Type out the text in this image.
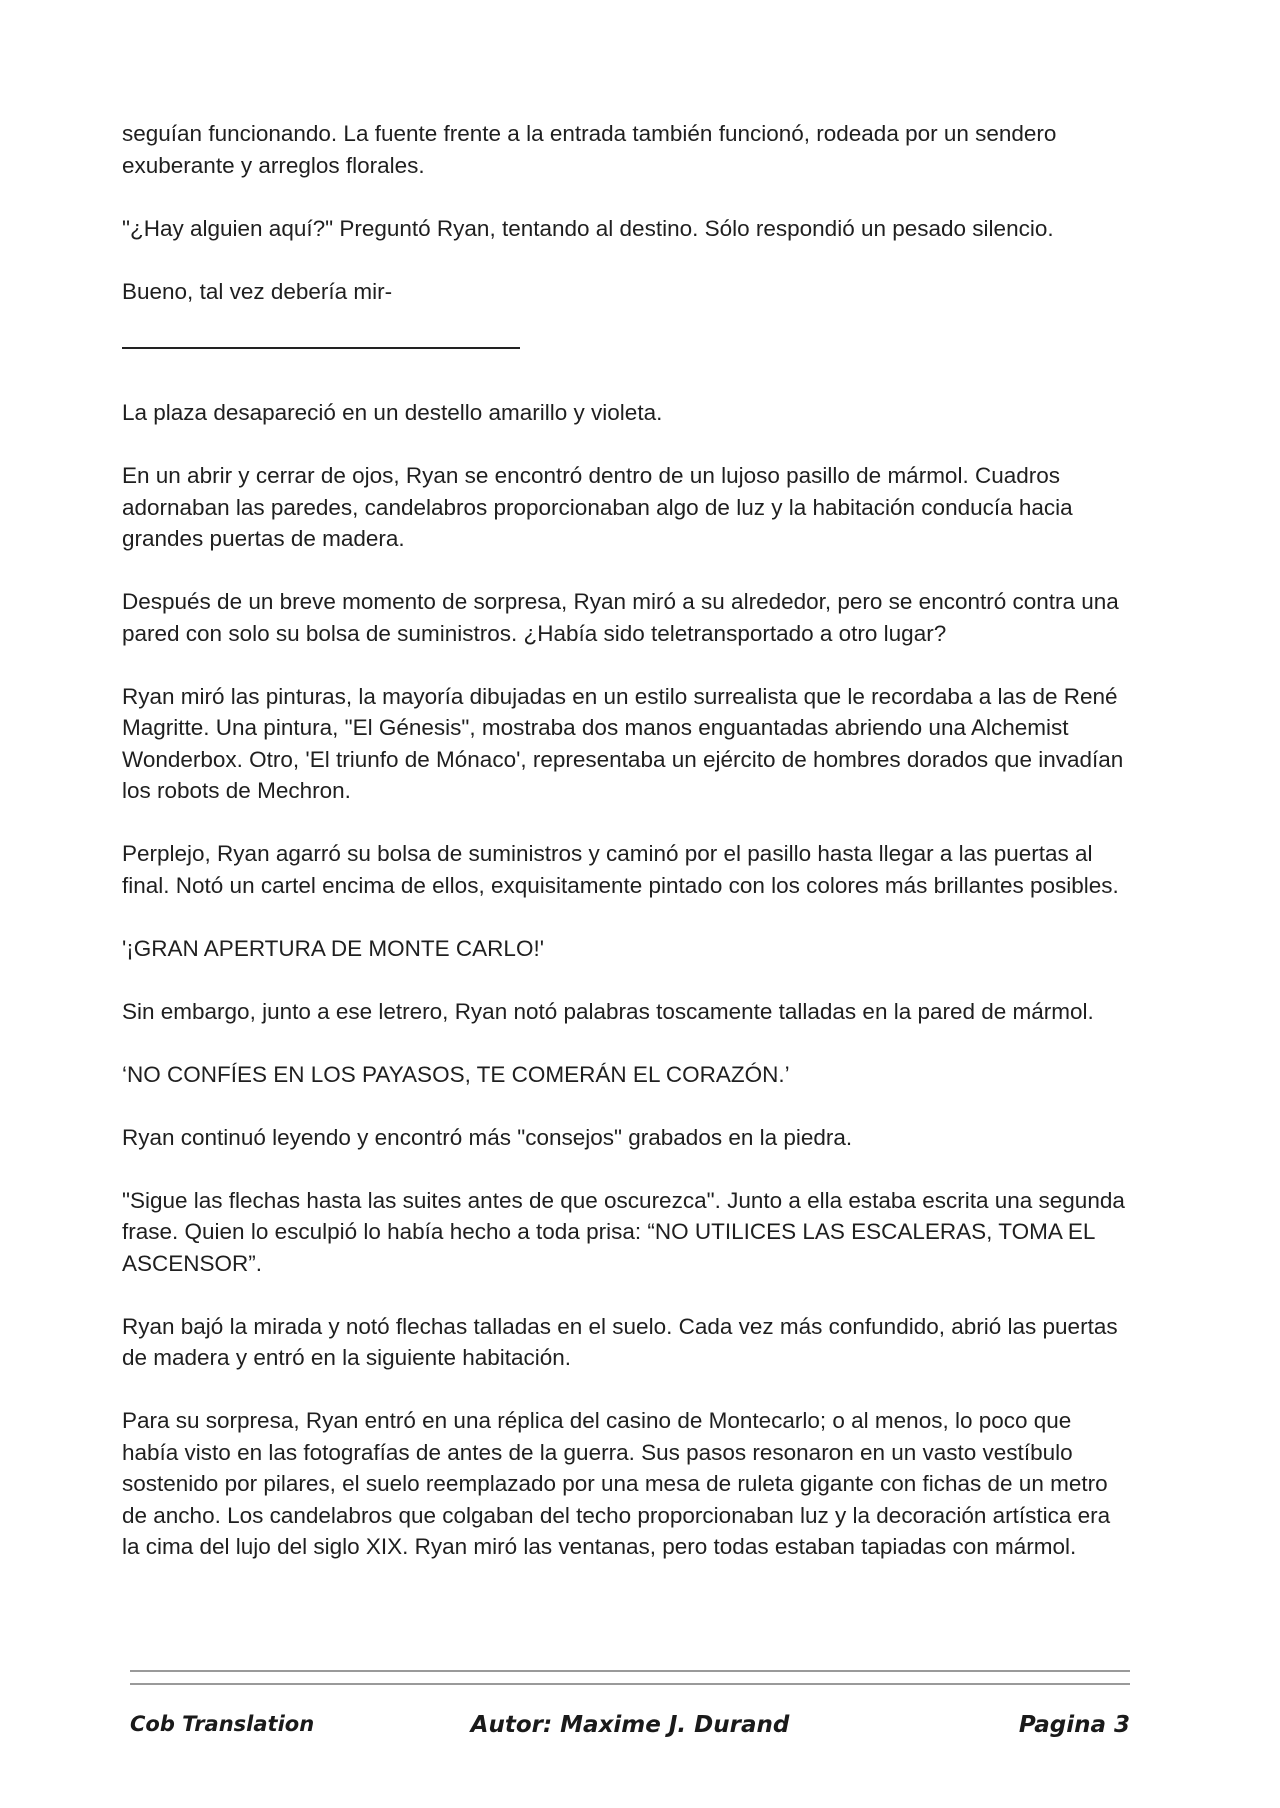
seguían funcionando. La fuente frente a la entrada también funcionó, rodeada por un sendero exuberante y arreglos florales.

"¿Hay alguien aquí?" Preguntó Ryan, tentando al destino. Sólo respondió un pesado silencio.

Bueno, tal vez debería mir-

La plaza desapareció en un destello amarillo y violeta.

En un abrir y cerrar de ojos, Ryan se encontró dentro de un lujoso pasillo de mármol. Cuadros adornaban las paredes, candelabros proporcionaban algo de luz y la habitación conducía hacia grandes puertas de madera.

Después de un breve momento de sorpresa, Ryan miró a su alrededor, pero se encontró contra una pared con solo su bolsa de suministros. ¿Había sido teletransportado a otro lugar?

Ryan miró las pinturas, la mayoría dibujadas en un estilo surrealista que le recordaba a las de René Magritte. Una pintura, "El Génesis", mostraba dos manos enguantadas abriendo una Alchemist Wonderbox. Otro, 'El triunfo de Mónaco', representaba un ejército de hombres dorados que invadían los robots de Mechron.

Perplejo, Ryan agarró su bolsa de suministros y caminó por el pasillo hasta llegar a las puertas al final. Notó un cartel encima de ellos, exquisitamente pintado con los colores más brillantes posibles.

'¡GRAN APERTURA DE MONTE CARLO!'

Sin embargo, junto a ese letrero, Ryan notó palabras toscamente talladas en la pared de mármol.

‘NO CONFÍES EN LOS PAYASOS, TE COMERÁN EL CORAZÓN.’

Ryan continuó leyendo y encontró más "consejos" grabados en la piedra.

"Sigue las flechas hasta las suites antes de que oscurezca". Junto a ella estaba escrita una segunda frase. Quien lo esculpió lo había hecho a toda prisa: “NO UTILICES LAS ESCALERAS, TOMA EL ASCENSOR”.

Ryan bajó la mirada y notó flechas talladas en el suelo. Cada vez más confundido, abrió las puertas de madera y entró en la siguiente habitación.

Para su sorpresa, Ryan entró en una réplica del casino de Montecarlo; o al menos, lo poco que había visto en las fotografías de antes de la guerra. Sus pasos resonaron en un vasto vestíbulo sostenido por pilares, el suelo reemplazado por una mesa de ruleta gigante con fichas de un metro de ancho. Los candelabros que colgaban del techo proporcionaban luz y la decoración artística era la cima del lujo del siglo XIX. Ryan miró las ventanas, pero todas estaban tapiadas con mármol.

Autor: Maxime J. Durand
Cob Translation	Pagina 3
